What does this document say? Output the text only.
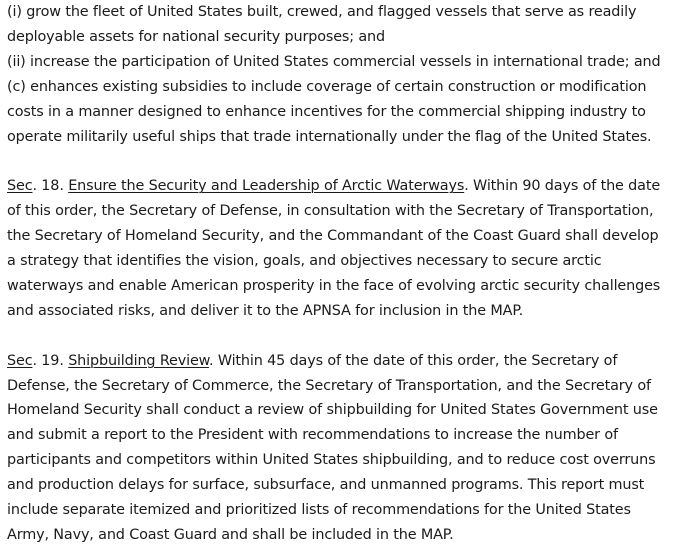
(i) grow the fleet of United States built, crewed, and flagged vessels that serve as readily
deployable assets for national security purposes; and
(ii) increase the participation of United States commercial vessels in international trade; and
(c) enhances existing subsidies to include coverage of certain construction or modification
costs in a manner designed to enhance incentives for the commercial shipping industry to
operate militarily useful ships that trade internationally under the flag of the United States.
Sec. 18. Ensure the Security and Leadership of Arctic Waterways. Within 90 days of the date
of this order, the Secretary of Defense, in consultation with the Secretary of Transportation,
the Secretary of Homeland Security, and the Commandant of the Coast Guard shall develop
a strategy that identifies the vision, goals, and objectives necessary to secure arctic
waterways and enable American prosperity in the face of evolving arctic security challenges
and associated risks, and deliver it to the APNSA for inclusion in the MAP.
Sec. 19. Shipbuilding Review. Within 45 days of the date of this order, the Secretary of
Defense, the Secretary of Commerce, the Secretary of Transportation, and the Secretary of
Homeland Security shall conduct a review of shipbuilding for United States Government use
and submit a report to the President with recommendations to increase the number of
participants and competitors within United States shipbuilding, and to reduce cost overruns
and production delays for surface, subsurface, and unmanned programs. This report must
include separate itemized and prioritized lists of recommendations for the United States
Army, Navy, and Coast Guard and shall be included in the MAP.
